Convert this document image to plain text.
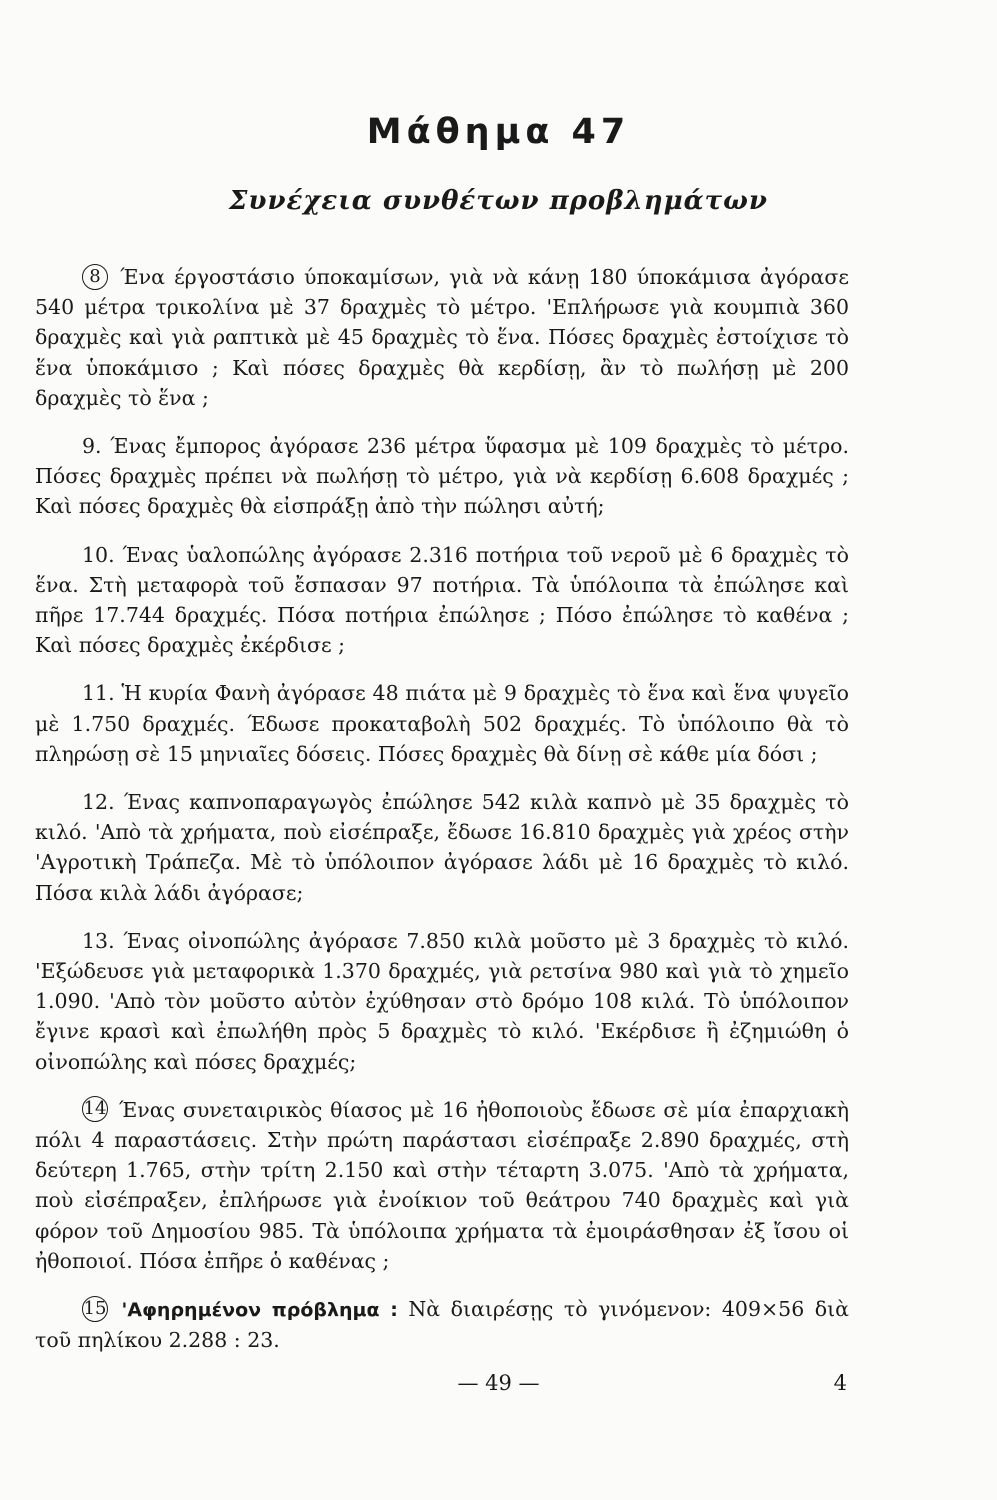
Μάθημα 47
Συνέχεια συνθέτων προβλημάτων

8 Ένα έργοστάσιο ύποκαμίσων, γιὰ νὰ κάνῃ 180 ύποκάμισα ἀγόρασε 540 μέτρα τρικολίνα μὲ 37 δραχμὲς τὸ μέτρο. 'Επλήρωσε γιὰ κουμπιὰ 360 δραχμὲς καὶ γιὰ ραπτικὰ μὲ 45 δραχμὲς τὸ ἕνα. Πόσες δραχμὲς ἐστοίχισε τὸ ἕνα ὑποκάμισο ; Καὶ πόσες δραχμὲς θὰ κερδίσῃ, ἂν τὸ πωλήσῃ μὲ 200 δραχμὲς τὸ ἕνα ;

9. Ένας ἔμπορος ἀγόρασε 236 μέτρα ὕφασμα μὲ 109 δραχμὲς τὸ μέτρο. Πόσες δραχμὲς πρέπει νὰ πωλήσῃ τὸ μέτρο, γιὰ νὰ κερδίσῃ 6.608 δραχμές ; Καὶ πόσες δραχμὲς θὰ εἰσπράξῃ ἀπὸ τὴν πώλησι αὐτή;

10. Ένας ὑαλοπώλης ἀγόρασε 2.316 ποτήρια τοῦ νεροῦ μὲ 6 δραχμὲς τὸ ἕνα. Στὴ μεταφορὰ τοῦ ἔσπασαν 97 ποτήρια. Τὰ ὑπόλοιπα τὰ ἐπώλησε καὶ πῆρε 17.744 δραχμές. Πόσα ποτήρια ἐπώλησε ; Πόσο ἐπώλησε τὸ καθένα ; Καὶ πόσες δραχμὲς ἐκέρδισε ;

11. Ἡ κυρία Φανὴ ἀγόρασε 48 πιάτα μὲ 9 δραχμὲς τὸ ἕνα καὶ ἕνα ψυγεῖο μὲ 1.750 δραχμές. Έδωσε προκαταβολὴ 502 δραχμές. Τὸ ὑπόλοιπο θὰ τὸ πληρώσῃ σὲ 15 μηνιαῖες δόσεις. Πόσες δραχμὲς θὰ δίνῃ σὲ κάθε μία δόσι ;

12. Ένας καπνοπαραγωγὸς ἐπώλησε 542 κιλὰ καπνὸ μὲ 35 δραχμὲς τὸ κιλό. 'Απὸ τὰ χρήματα, ποὺ εἰσέπραξε, ἔδωσε 16.810 δραχμὲς γιὰ χρέος στὴν 'Αγροτικὴ Τράπεζα. Μὲ τὸ ὑπόλοιπον ἀγόρασε λάδι μὲ 16 δραχμὲς τὸ κιλό. Πόσα κιλὰ λάδι ἀγόρασε;

13. Ένας οἰνοπώλης ἀγόρασε 7.850 κιλὰ μοῦστο μὲ 3 δραχμὲς τὸ κιλό. 'Εξώδευσε γιὰ μεταφορικὰ 1.370 δραχμές, γιὰ ρετσίνα 980 καὶ γιὰ τὸ χημεῖο 1.090. 'Απὸ τὸν μοῦστο αὐτὸν ἐχύθησαν στὸ δρόμο 108 κιλά. Τὸ ὑπόλοιπον ἔγινε κρασὶ καὶ ἐπωλήθη πρὸς 5 δραχμὲς τὸ κιλό. 'Εκέρδισε ἢ ἐζημιώθη ὁ οἰνοπώλης καὶ πόσες δραχμές;

14 Ένας συνεταιρικὸς θίασος μὲ 16 ἠθοποιοὺς ἔδωσε σὲ μία ἐπαρχιακὴ πόλι 4 παραστάσεις. Στὴν πρώτη παράστασι εἰσέπραξε 2.890 δραχμές, στὴ δεύτερη 1.765, στὴν τρίτη 2.150 καὶ στὴν τέταρτη 3.075. 'Απὸ τὰ χρήματα, ποὺ εἰσέπραξεν, ἐπλήρωσε γιὰ ἐνοίκιον τοῦ θεάτρου 740 δραχμὲς καὶ γιὰ φόρον τοῦ Δημοσίου 985. Τὰ ὑπόλοιπα χρήματα τὰ ἐμοιράσθησαν ἐξ ἴσου οἱ ἠθοποιοί. Πόσα ἐπῆρε ὁ καθένας ;

15 'Αφηρημένον πρόβλημα : Νὰ διαιρέσῃς τὸ γινόμενον: 409×56 διὰ τοῦ πηλίκου 2.288 : 23.

— 49 —	4
